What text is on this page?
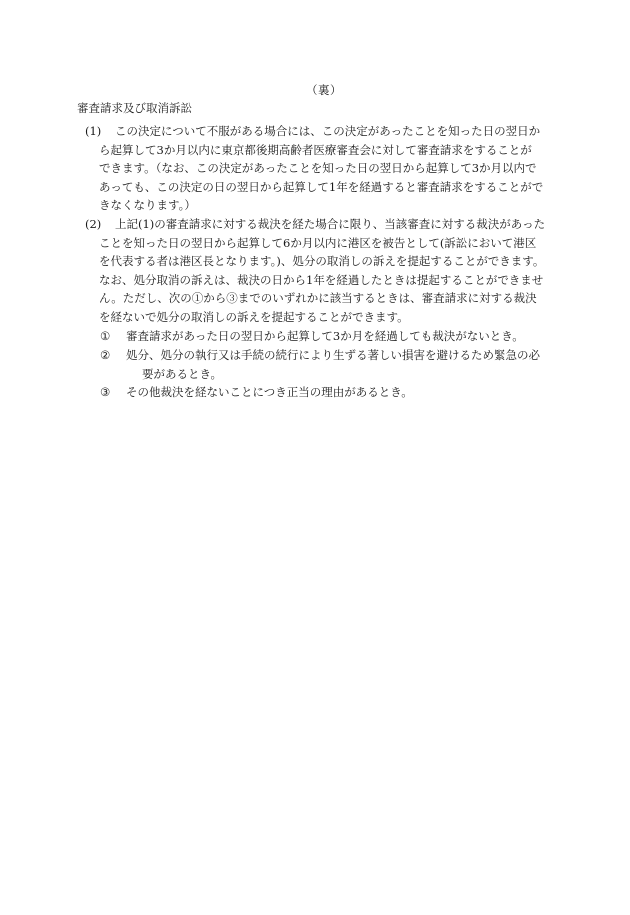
（裏）
審査請求及び取消訴訟
(1)	この決定について不服がある場合には、この決定があったことを知った日の翌日か
ら起算して3か月以内に東京都後期高齢者医療審査会に対して審査請求をすることが
できます。（なお、この決定があったことを知った日の翌日から起算して3か月以内で
あっても、この決定の日の翌日から起算して1年を経過すると審査請求をすることがで
きなくなります。）
(2)	上記(1)の審査請求に対する裁決を経た場合に限り、当該審査に対する裁決があった
ことを知った日の翌日から起算して6か月以内に港区を被告として(訴訟において港区
を代表する者は港区長となります。)、処分の取消しの訴えを提起することができます。
なお、処分取消の訴えは、裁決の日から1年を経過したときは提起することができませ
ん。ただし、次の①から③までのいずれかに該当するときは、審査請求に対する裁決
を経ないで処分の取消しの訴えを提起することができます。
① 審査請求があった日の翌日から起算して3か月を経過しても裁決がないとき。
② 処分、処分の執行又は手続の続行により生ずる著しい損害を避けるため緊急の必
要があるとき。
③ その他裁決を経ないことにつき正当の理由があるとき。
